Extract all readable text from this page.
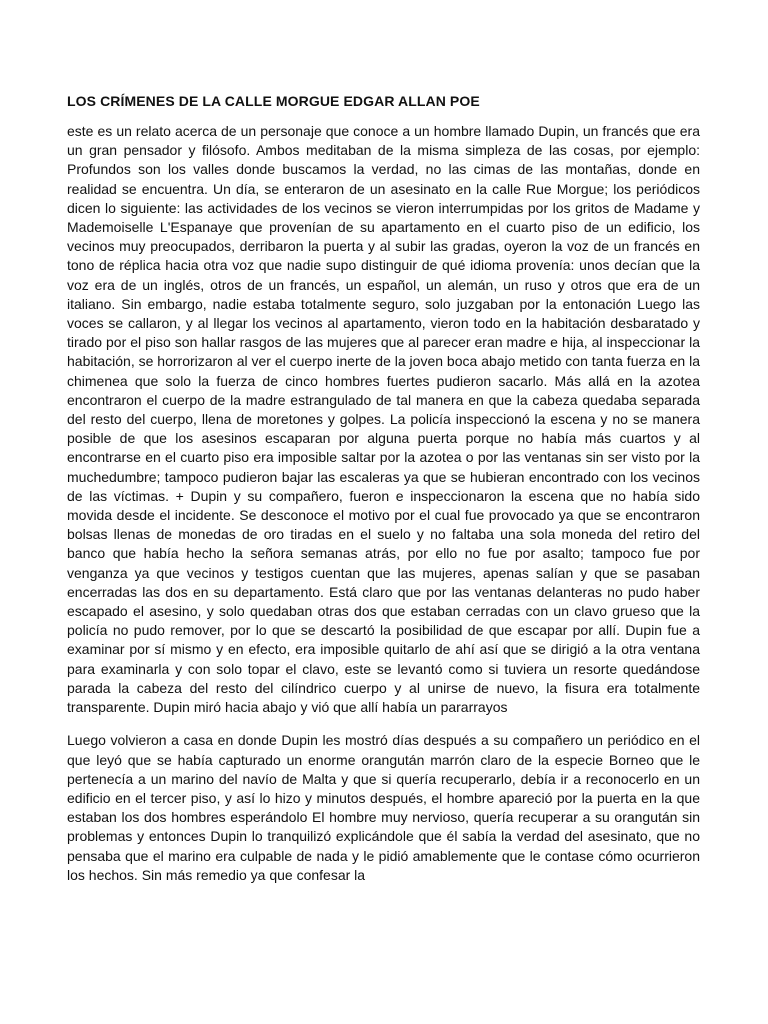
LOS CRÍMENES DE LA CALLE MORGUE EDGAR ALLAN POE

este es un relato acerca de un personaje que conoce a un hombre llamado Dupin, un francés que era un gran pensador y filósofo. Ambos meditaban de la misma simpleza de las cosas, por ejemplo: Profundos son los valles donde buscamos la verdad, no las cimas de las montañas, donde en realidad se encuentra. Un día, se enteraron de un asesinato en la calle Rue Morgue; los periódicos dicen lo siguiente: las actividades de los vecinos se vieron interrumpidas por los gritos de Madame y Mademoiselle L'Espanaye que provenían de su apartamento en el cuarto piso de un edificio, los vecinos muy preocupados, derribaron la puerta y al subir las gradas, oyeron la voz de un francés en tono de réplica hacia otra voz que nadie supo distinguir de qué idioma provenía: unos decían que la voz era de un inglés, otros de un francés, un español, un alemán, un ruso y otros que era de un italiano. Sin embargo, nadie estaba totalmente seguro, solo juzgaban por la entonación Luego las voces se callaron, y al llegar los vecinos al apartamento, vieron todo en la habitación desbaratado y tirado por el piso son hallar rasgos de las mujeres que al parecer eran madre e hija, al inspeccionar la habitación, se horrorizaron al ver el cuerpo inerte de la joven boca abajo metido con tanta fuerza en la chimenea que solo la fuerza de cinco hombres fuertes pudieron sacarlo. Más allá en la azotea encontraron el cuerpo de la madre estrangulado de tal manera en que la cabeza quedaba separada del resto del cuerpo, llena de moretones y golpes. La policía inspeccionó la escena y no se manera posible de que los asesinos escaparan por alguna puerta porque no había más cuartos y al encontrarse en el cuarto piso era imposible saltar por la azotea o por las ventanas sin ser visto por la muchedumbre; tampoco pudieron bajar las escaleras ya que se hubieran encontrado con los vecinos de las víctimas. + Dupin y su compañero, fueron e inspeccionaron la escena que no había sido movida desde el incidente. Se desconoce el motivo por el cual fue provocado ya que se encontraron bolsas llenas de monedas de oro tiradas en el suelo y no faltaba una sola moneda del retiro del banco que había hecho la señora semanas atrás, por ello no fue por asalto; tampoco fue por venganza ya que vecinos y testigos cuentan que las mujeres, apenas salían y que se pasaban encerradas las dos en su departamento. Está claro que por las ventanas delanteras no pudo haber escapado el asesino, y solo quedaban otras dos que estaban cerradas con un clavo grueso que la policía no pudo remover, por lo que se descartó la posibilidad de que escapar por allí. Dupin fue a examinar por sí mismo y en efecto, era imposible quitarlo de ahí así que se dirigió a la otra ventana para examinarla y con solo topar el clavo, este se levantó como si tuviera un resorte quedándose parada la cabeza del resto del cilíndrico cuerpo y al unirse de nuevo, la fisura era totalmente transparente. Dupin miró hacia abajo y vió que allí había un pararrayos

Luego volvieron a casa en donde Dupin les mostró días después a su compañero un periódico en el que leyó que se había capturado un enorme orangután marrón claro de la especie Borneo que le pertenecía a un marino del navío de Malta y que si quería recuperarlo, debía ir a reconocerlo en un edificio en el tercer piso, y así lo hizo y minutos después, el hombre apareció por la puerta en la que estaban los dos hombres esperándolo El hombre muy nervioso, quería recuperar a su orangután sin problemas y entonces Dupin lo tranquilizó explicándole que él sabía la verdad del asesinato, que no pensaba que el marino era culpable de nada y le pidió amablemente que le contase cómo ocurrieron los hechos. Sin más remedio ya que confesar la
